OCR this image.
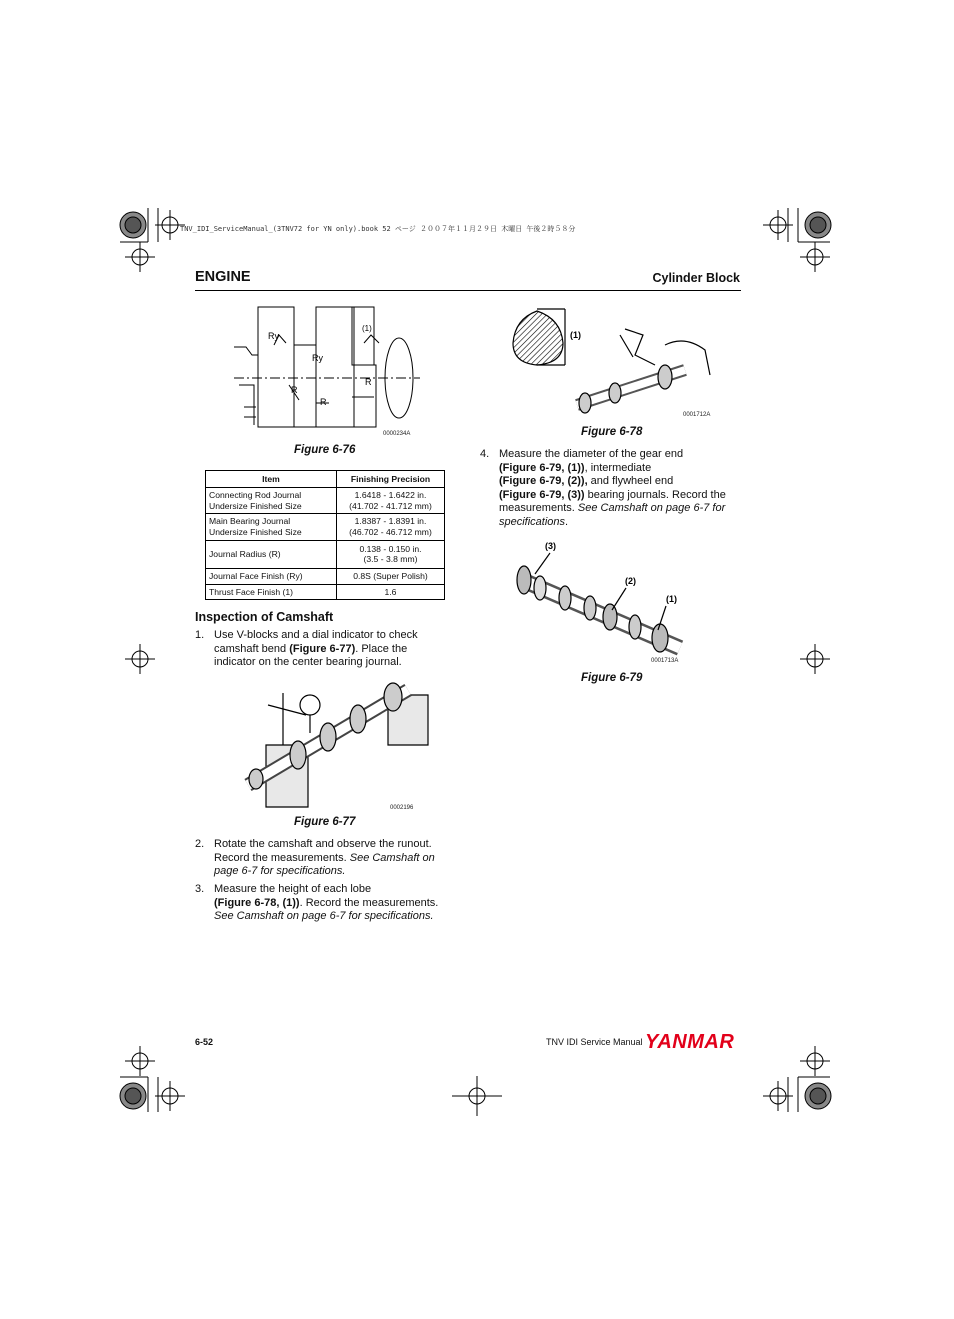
TNV_IDI_ServiceManual_(3TNV72 for YN only).book 52 ページ ２００７年１１月２９日 木曜日 午後２時５８分
ENGINE	Cylinder Block
Ry
Ry
R
R
R
(1)
0000234A
Figure 6-76
Item	Finishing Precision
Connecting Rod Journal
Undersize Finished Size	1.6418 - 1.6422 in.
(41.702 - 41.712 mm)
Main Bearing Journal
Undersize Finished Size	1.8387 - 1.8391 in.
(46.702 - 46.712 mm)
Journal Radius (R)	0.138 - 0.150 in.
(3.5 - 3.8 mm)
Journal Face Finish (Ry)	0.8S (Super Polish)
Thrust Face Finish (1)	1.6
Inspection of Camshaft
1. Use V-blocks and a dial indicator to check
camshaft bend (Figure 6-77). Place the
indicator on the center bearing journal.
0002196
Figure 6-77
2. Rotate the camshaft and observe the runout.
Record the measurements. See Camshaft on
page 6-7 for specifications.
3. Measure the height of each lobe
(Figure 6-78, (1)). Record the measurements.
See Camshaft on page 6-7 for specifications.
(1)
0001712A
Figure 6-78
4. Measure the diameter of the gear end
(Figure 6-79, (1)), intermediate
(Figure 6-79, (2)), and flywheel end
(Figure 6-79, (3)) bearing journals. Record the
measurements. See Camshaft on page 6-7 for
specifications.
(3)
(2)
(1)
0001713A
Figure 6-79
6-52	TNV IDI Service Manual YANMAR
